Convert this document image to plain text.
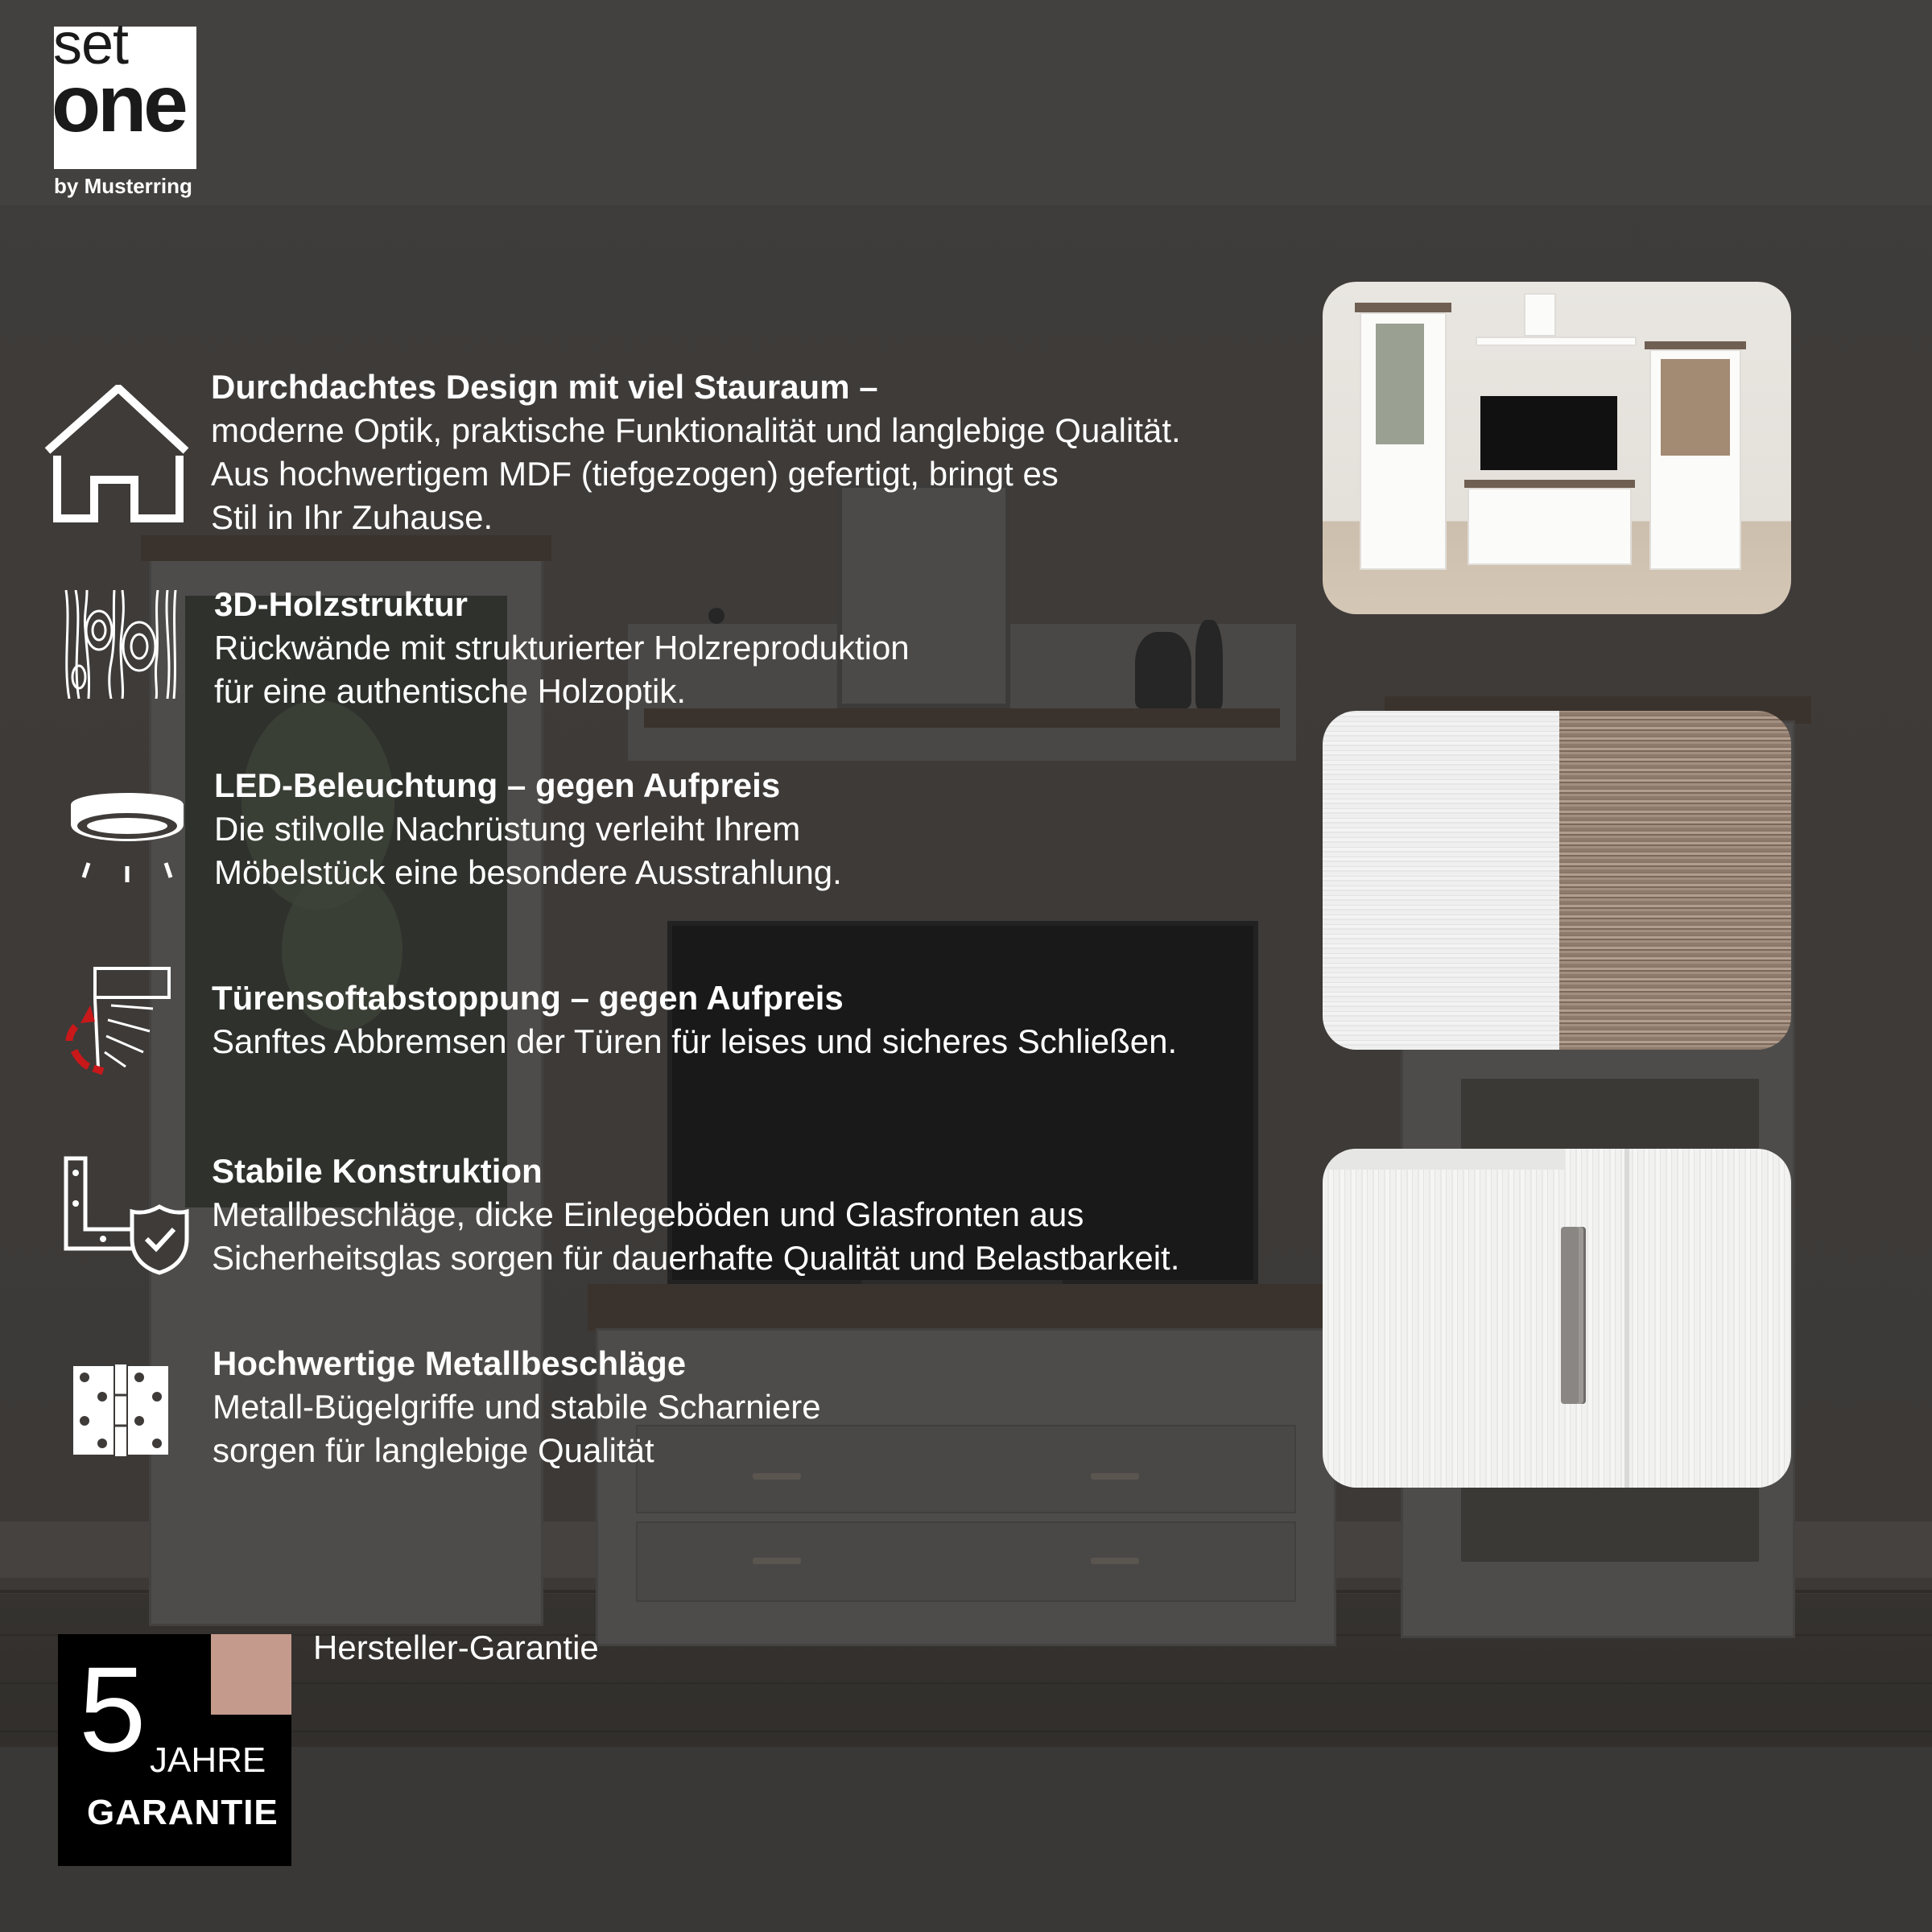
set
one
by Musterring
Durchdachtes Design mit viel Stauraum –
moderne Optik, praktische Funktionalität und langlebige Qualität.
Aus hochwertigem MDF (tiefgezogen) gefertigt, bringt es
Stil in Ihr Zuhause.
3D-Holzstruktur
Rückwände mit strukturierter Holzreproduktion
für eine authentische Holzoptik.
LED-Beleuchtung – gegen Aufpreis
Die stilvolle Nachrüstung verleiht Ihrem
Möbelstück eine besondere Ausstrahlung.
Türensoftabstoppung – gegen Aufpreis
Sanftes Abbremsen der Türen für leises und sicheres Schließen.
Stabile Konstruktion
Metallbeschläge, dicke Einlegeböden und Glasfronten aus
Sicherheitsglas sorgen für dauerhafte Qualität und Belastbarkeit.
Hochwertige Metallbeschläge
Metall-Bügelgriffe und stabile Scharniere
sorgen für langlebige Qualität
5 JAHRE
GARANTIE
Hersteller-Garantie
